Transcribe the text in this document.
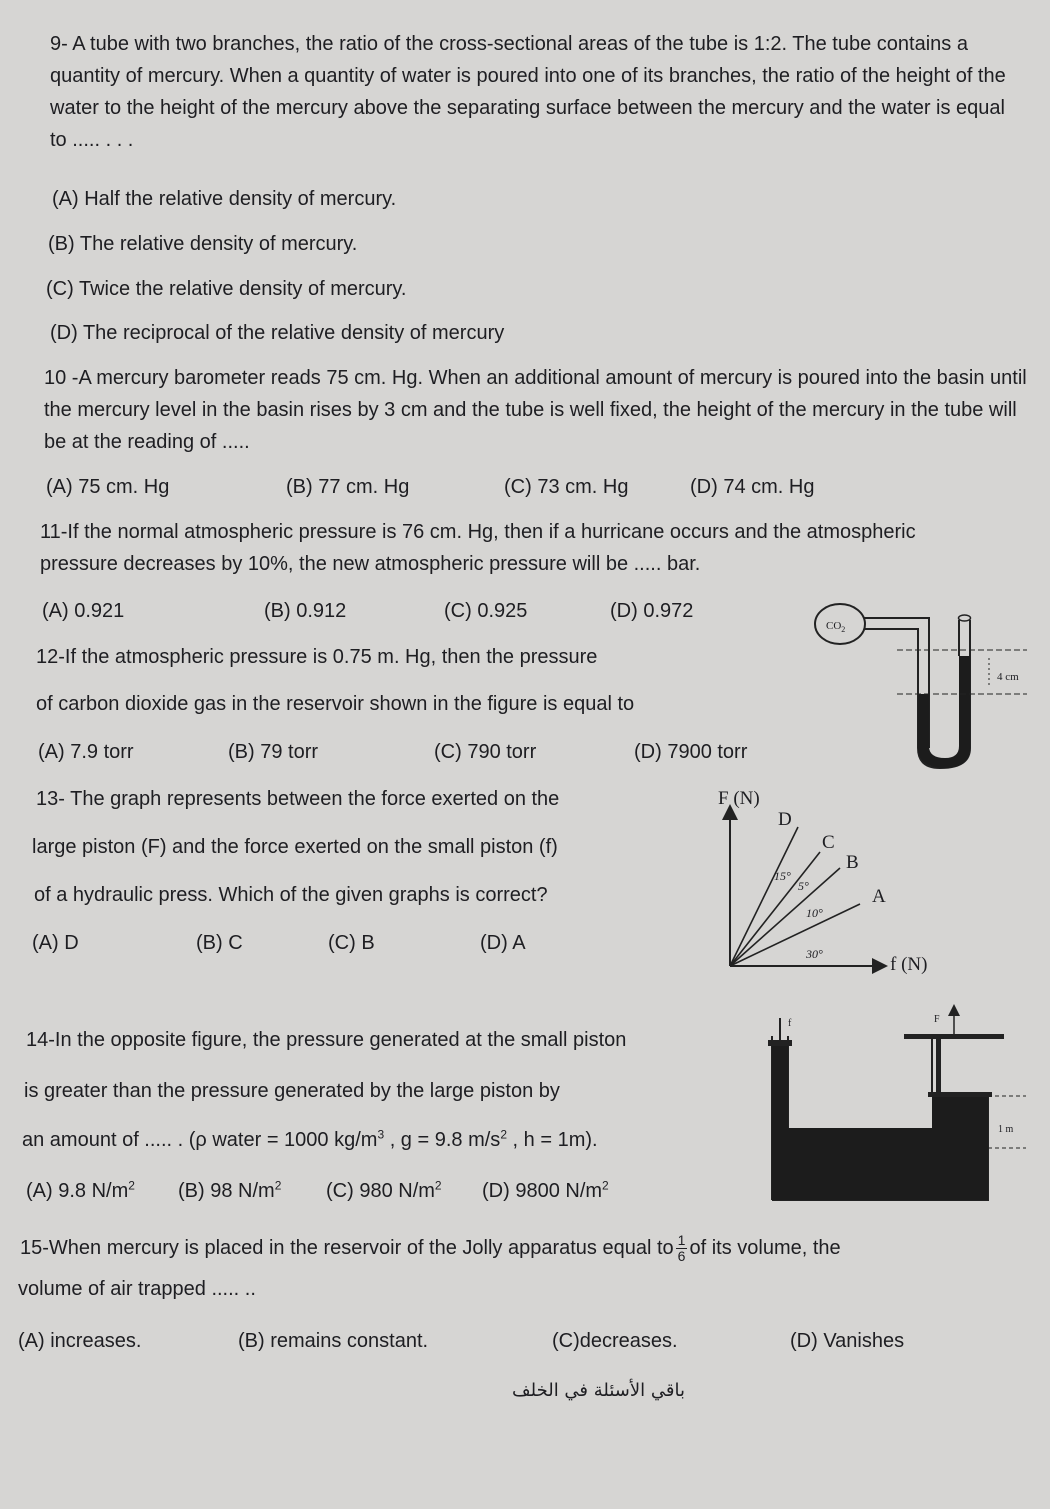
9- A tube with two branches, the ratio of the cross-sectional areas of the tube is 1:2. The tube contains a quantity of mercury. When a quantity of water is poured into one of its branches, the ratio of the height of the water to the height of the mercury above the separating surface between the mercury and the water is equal to ..... . . .
(A) Half the relative density of mercury.
(B) The relative density of mercury.
(C) Twice the relative density of mercury.
(D) The reciprocal of the relative density of mercury
10 -A mercury barometer reads 75 cm. Hg. When an additional amount of mercury is poured into the basin until the mercury level in the basin rises by 3 cm and the tube is well fixed, the height of the mercury in the tube will be at the reading of .....
(A) 75 cm. Hg	(B) 77 cm. Hg	(C) 73 cm. Hg	(D) 74 cm. Hg
11-If the normal atmospheric pressure is 76 cm. Hg, then if a hurricane occurs and the atmospheric pressure decreases by 10%, the new atmospheric pressure will be ..... bar.
(A) 0.921	(B) 0.912	(C) 0.925	(D) 0.972
12-If the atmospheric pressure is 0.75 m. Hg, then the pressure
of carbon dioxide gas in the reservoir shown in the figure is equal to
(A) 7.9 torr	(B) 79 torr	(C) 790 torr	(D) 7900 torr
$CO_2$
4 cm
13- The graph represents between the force exerted on the
large piston (F) and the force exerted on the small piston (f)
of a hydraulic press. Which of the given graphs is correct?
(A) D	(B) C	(C) B	(D) A
F (N)
f (N)
D
C
B
A
15°
5°
10°
30°
14-In the opposite figure, the pressure generated at the small piston
is greater than the pressure generated by the large piston by
an amount of ..... . (ρ water = 1000 $kg/m^3$ , g = 9.8 $m/s^2$ , h = 1m).
(A) 9.8 $N/m^2$ (B) 98 $N/m^2$ (C) 980 $N/m^2$ (D) 9800 $N/m^2$
f	F
1 m
15-When mercury is placed in the reservoir of the Jolly apparatus equal to $\frac{1}{6}$ of its volume, the
volume of air trapped ..... ..
(A) increases.	(B) remains constant.	(C)decreases.	(D) Vanishes
باقي الأسئلة في الخلف
